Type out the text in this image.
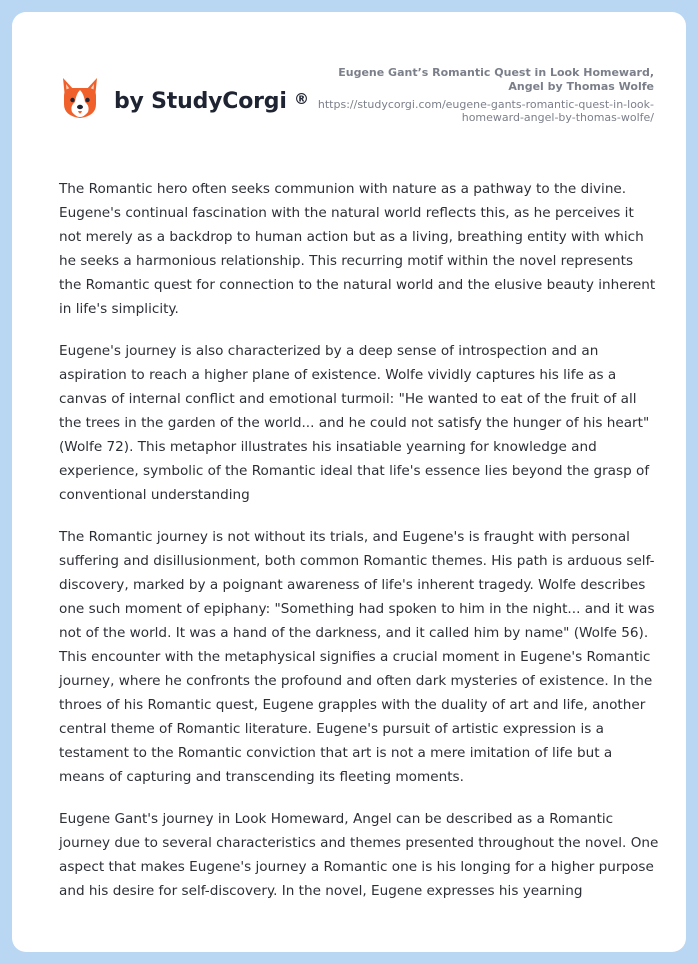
by StudyCorgi ®
Eugene Gant’s Romantic Quest in Look Homeward, Angel by Thomas Wolfe
https://studycorgi.com/eugene-gants-romantic-quest-in-look-homeward-angel-by-thomas-wolfe/

The Romantic hero often seeks communion with nature as a pathway to the divine. Eugene's continual fascination with the natural world reflects this, as he perceives it not merely as a backdrop to human action but as a living, breathing entity with which he seeks a harmonious relationship. This recurring motif within the novel represents the Romantic quest for connection to the natural world and the elusive beauty inherent in life's simplicity.

Eugene's journey is also characterized by a deep sense of introspection and an aspiration to reach a higher plane of existence. Wolfe vividly captures his life as a canvas of internal conflict and emotional turmoil: "He wanted to eat of the fruit of all the trees in the garden of the world... and he could not satisfy the hunger of his heart" (Wolfe 72). This metaphor illustrates his insatiable yearning for knowledge and experience, symbolic of the Romantic ideal that life's essence lies beyond the grasp of conventional understanding

The Romantic journey is not without its trials, and Eugene's is fraught with personal suffering and disillusionment, both common Romantic themes. His path is arduous self-discovery, marked by a poignant awareness of life's inherent tragedy. Wolfe describes one such moment of epiphany: "Something had spoken to him in the night... and it was not of the world. It was a hand of the darkness, and it called him by name" (Wolfe 56). This encounter with the metaphysical signifies a crucial moment in Eugene's Romantic journey, where he confronts the profound and often dark mysteries of existence. In the throes of his Romantic quest, Eugene grapples with the duality of art and life, another central theme of Romantic literature. Eugene's pursuit of artistic expression is a testament to the Romantic conviction that art is not a mere imitation of life but a means of capturing and transcending its fleeting moments.

Eugene Gant's journey in Look Homeward, Angel can be described as a Romantic journey due to several characteristics and themes presented throughout the novel. One aspect that makes Eugene's journey a Romantic one is his longing for a higher purpose and his desire for self-discovery. In the novel, Eugene expresses his yearning
